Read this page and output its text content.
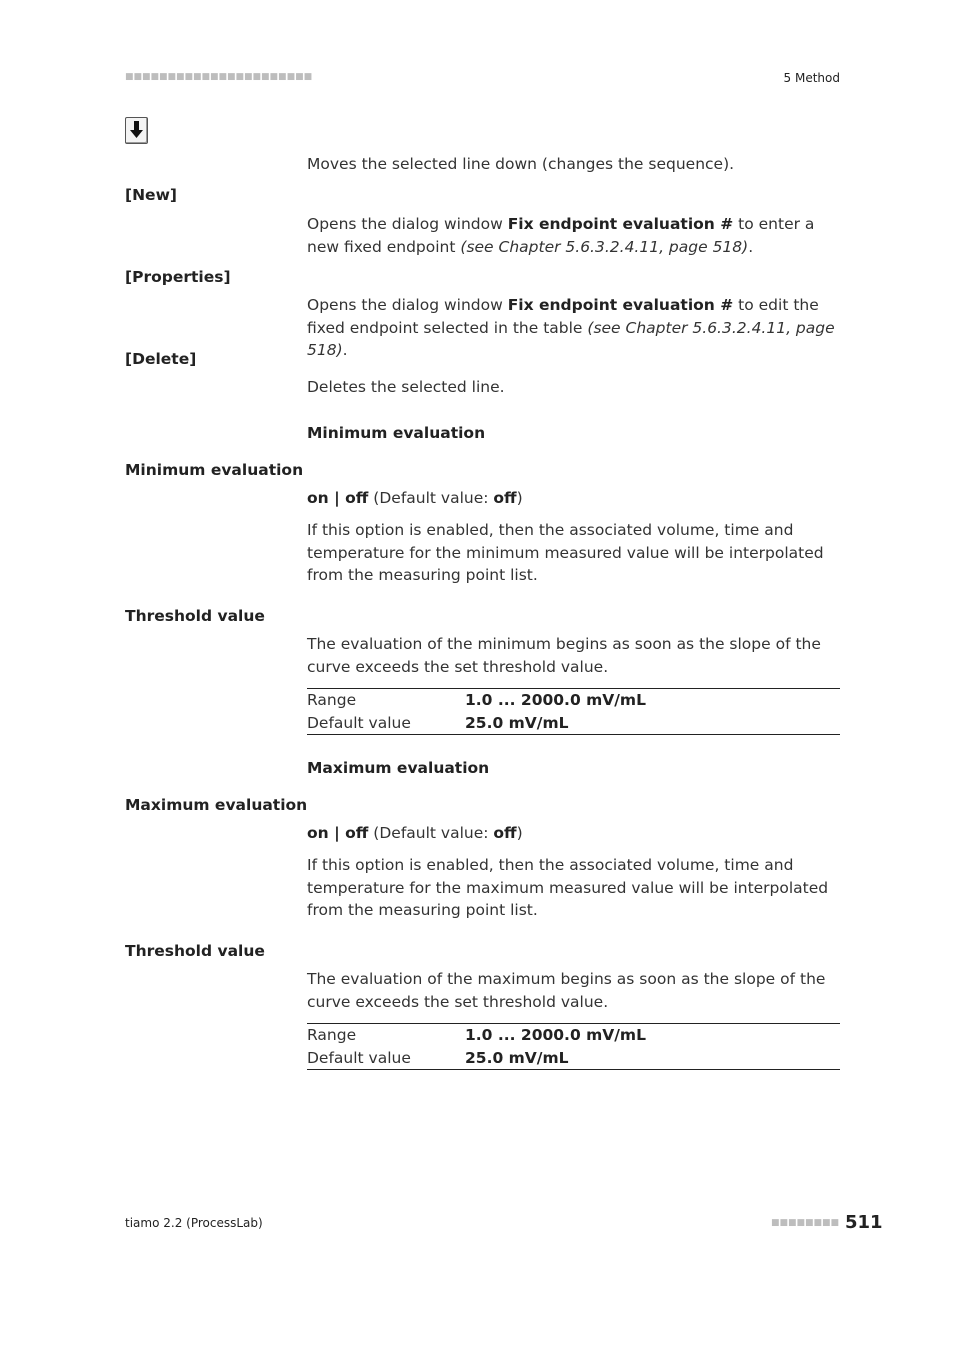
■■■■■■■■■■■■■■■■■■■■■■	5 Method
Moves the selected line down (changes the sequence).
[New]
Opens the dialog window Fix endpoint evaluation # to enter a new fixed endpoint (see Chapter 5.6.3.2.4.11, page 518).
[Properties]
Opens the dialog window Fix endpoint evaluation # to edit the fixed endpoint selected in the table (see Chapter 5.6.3.2.4.11, page 518).
[Delete]
Deletes the selected line.
Minimum evaluation
Minimum evaluation
on | off (Default value: off)
If this option is enabled, then the associated volume, time and temperature for the minimum measured value will be interpolated from the measuring point list.
Threshold value
The evaluation of the minimum begins as soon as the slope of the curve exceeds the set threshold value.
Range	1.0 ... 2000.0 mV/mL
Default value	25.0 mV/mL
Maximum evaluation
Maximum evaluation
on | off (Default value: off)
If this option is enabled, then the associated volume, time and temperature for the maximum measured value will be interpolated from the measuring point list.
Threshold value
The evaluation of the maximum begins as soon as the slope of the curve exceeds the set threshold value.
Range	1.0 ... 2000.0 mV/mL
Default value	25.0 mV/mL
tiamo 2.2 (ProcessLab)	■■■■■■■■ 511
